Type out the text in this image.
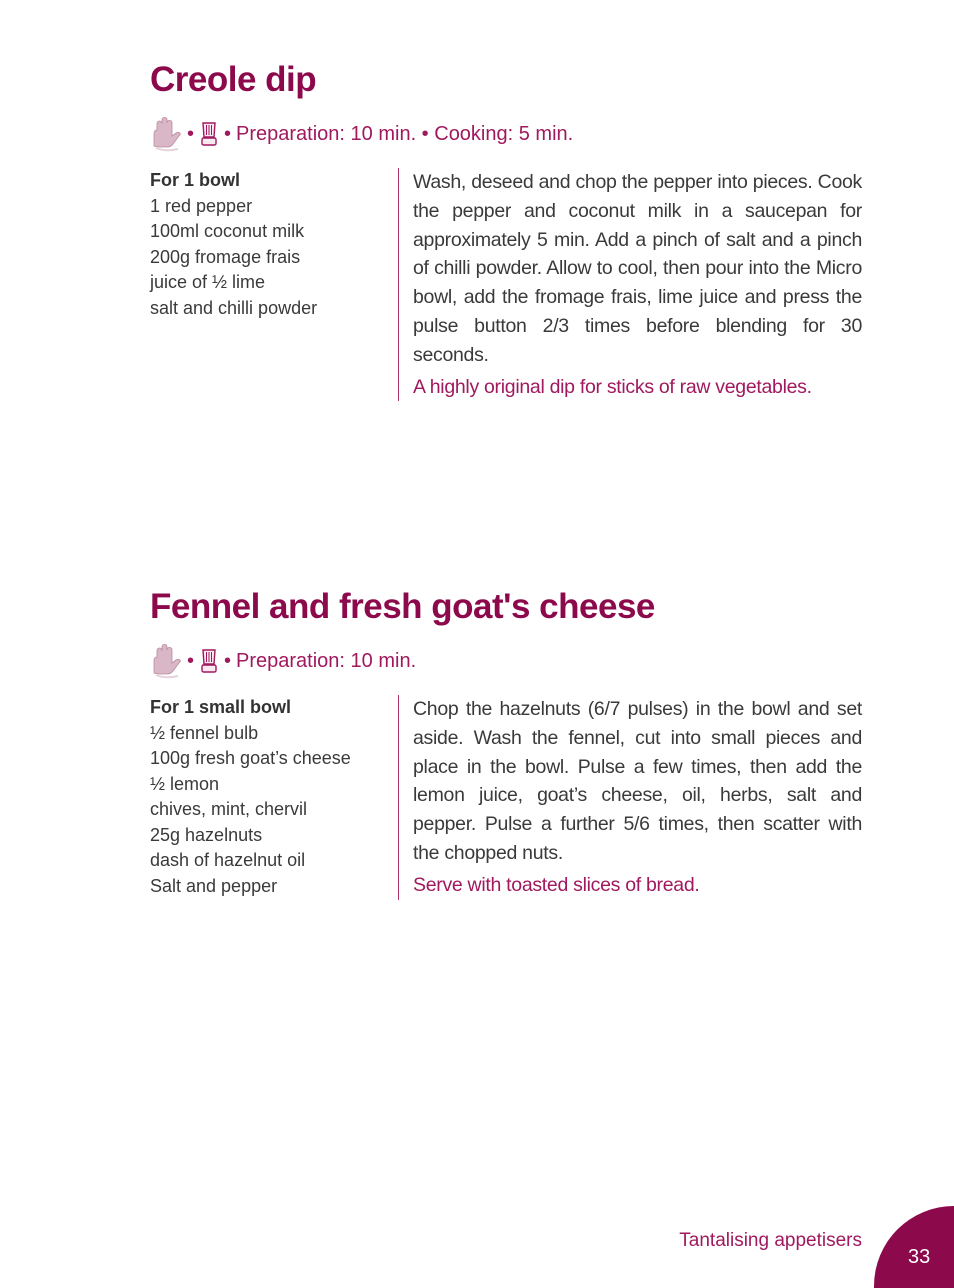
Creole dip
• • Preparation: 10 min. • Cooking: 5 min.
For 1 bowl
1 red pepper
100ml coconut milk
200g fromage frais
juice of ½ lime
salt and chilli powder

Wash, deseed and chop the pepper into pieces. Cook the pepper and coconut milk in a saucepan for approximately 5 min. Add a pinch of salt and a pinch of chilli powder. Allow to cool, then pour into the Micro bowl, add the fromage frais, lime juice and press the pulse button 2/3 times before blending for 30 seconds.

A highly original dip for sticks of raw vegetables.

Fennel and fresh goat's cheese
• • Preparation: 10 min.
For 1 small bowl
½ fennel bulb
100g fresh goat’s cheese
½ lemon
chives, mint, chervil
25g hazelnuts
dash of hazelnut oil
Salt and pepper

Chop the hazelnuts (6/7 pulses) in the bowl and set aside. Wash the fennel, cut into small pieces and place in the bowl. Pulse a few times, then add the lemon juice, goat’s cheese, oil, herbs, salt and pepper. Pulse a further 5/6 times, then scatter with the chopped nuts.

Serve with toasted slices of bread.

Tantalising appetisers
33
